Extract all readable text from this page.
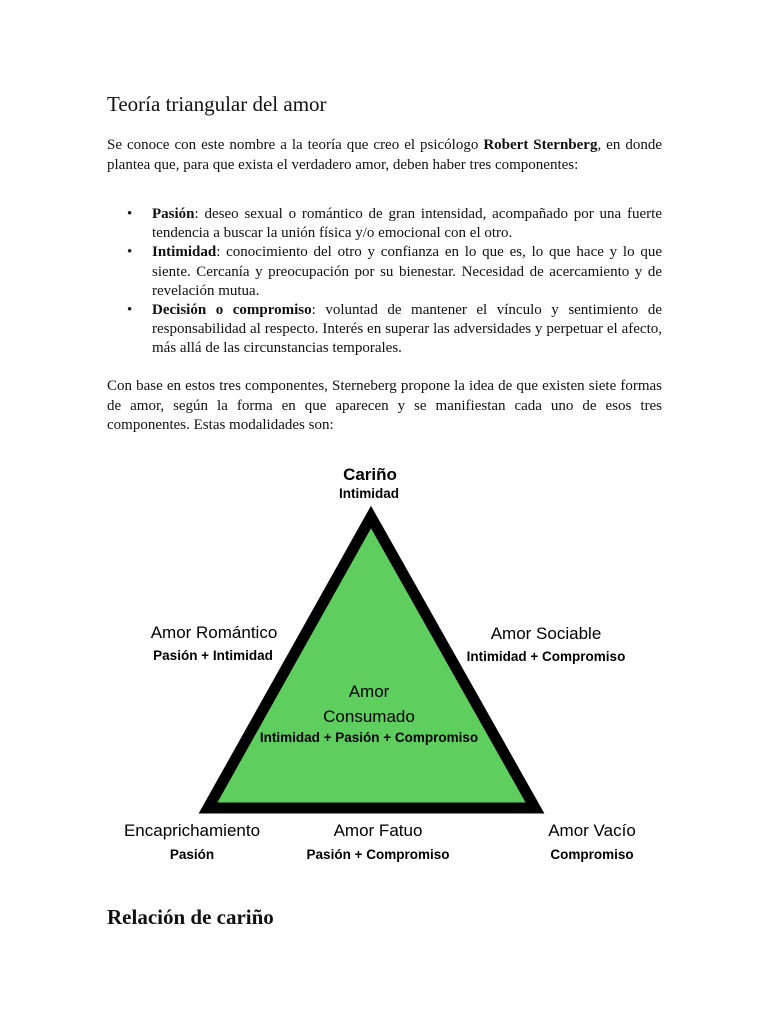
Teoría triangular del amor

Se conoce con este nombre a la teoría que creo el psicólogo Robert Sternberg, en donde plantea que, para que exista el verdadero amor, deben haber tres componentes:

• Pasión: deseo sexual o romántico de gran intensidad, acompañado por una fuerte tendencia a buscar la unión física y/o emocional con el otro.
• Intimidad: conocimiento del otro y confianza en lo que es, lo que hace y lo que siente. Cercanía y preocupación por su bienestar. Necesidad de acercamiento y de revelación mutua.
• Decisión o compromiso: voluntad de mantener el vínculo y sentimiento de responsabilidad al respecto. Interés en superar las adversidades y perpetuar el afecto, más allá de las circunstancias temporales.

Con base en estos tres componentes, Sterneberg propone la idea de que existen siete formas de amor, según la forma en que aparecen y se manifiestan cada uno de esos tres componentes. Estas modalidades son:

Cariño
Intimidad
Amor Romántico
Pasión + Intimidad
Amor Sociable
Intimidad + Compromiso
Amor
Consumado
Intimidad + Pasión + Compromiso
Encaprichamiento
Pasión
Amor Fatuo
Pasión + Compromiso
Amor Vacío
Compromiso
Relación de cariño
